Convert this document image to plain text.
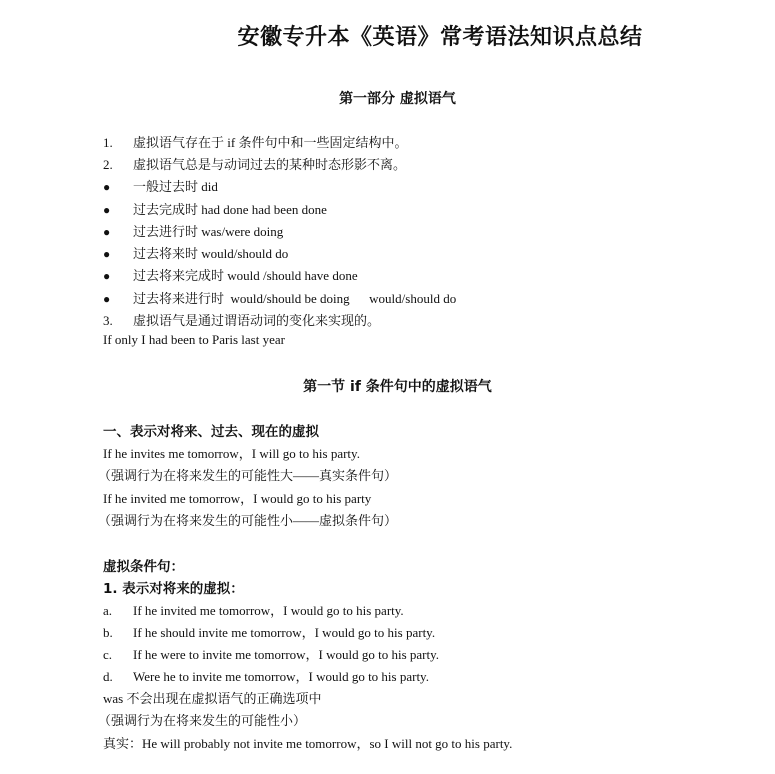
安徽专升本《英语》常考语法知识点总结
第一部分 虚拟语气
1. 虚拟语气存在于 if 条件句中和一些固定结构中。
2. 虚拟语气总是与动词过去的某种时态形影不离。
● 一般过去时 did
● 过去完成时 had done had been done
● 过去进行时 was/were doing
● 过去将来时 would/should do
● 过去将来完成时 would /should have done
● 过去将来进行时  would/should be doing      would/should do
3. 虚拟语气是通过谓语动词的变化来实现的。
If only I had been to Paris last year
第一节 if 条件句中的虚拟语气
一、表示对将来、过去、现在的虚拟
If he invites me tomorrow，I will go to his party.
（强调行为在将来发生的可能性大——真实条件句）
If he invited me tomorrow，I would go to his party
（强调行为在将来发生的可能性小——虚拟条件句）
虚拟条件句：
1. 表示对将来的虚拟：
a. If he invited me tomorrow，I would go to his party.
b. If he should invite me tomorrow，I would go to his party.
c. If he were to invite me tomorrow，I would go to his party.
d. Were he to invite me tomorrow，I would go to his party.
was 不会出现在虚拟语气的正确选项中
（强调行为在将来发生的可能性小）
真实：He will probably not invite me tomorrow，so I will not go to his party.
